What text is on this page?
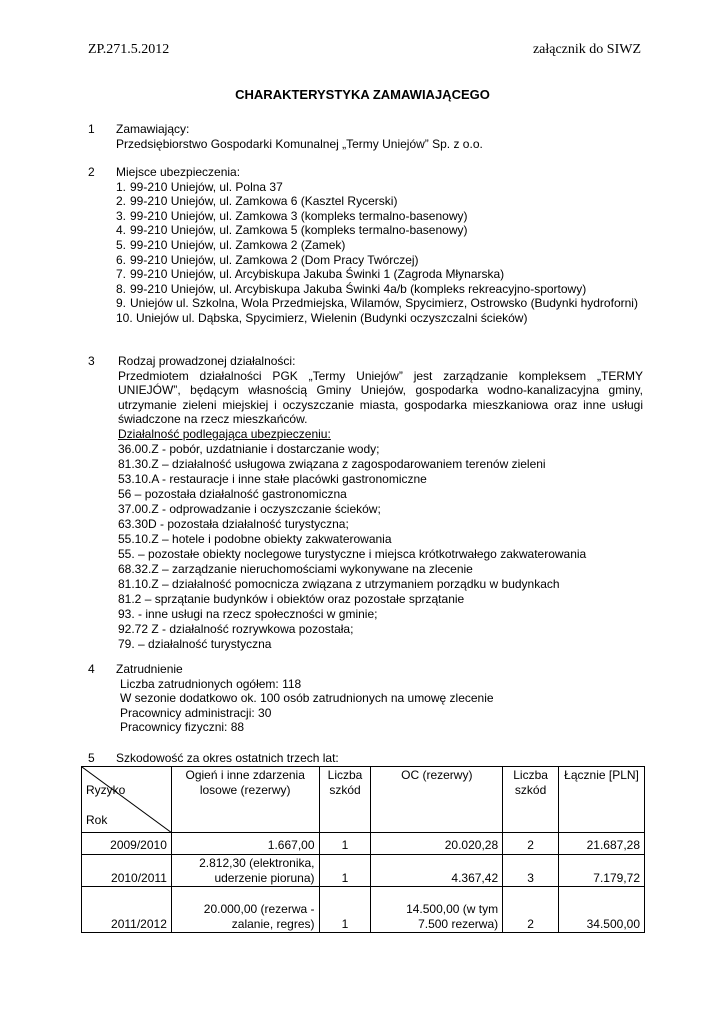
ZP.271.5.2012	załącznik do SIWZ
CHARAKTERYSTYKA ZAMAWIAJĄCEGO
1 Zamawiający:
Przedsiębiorstwo Gospodarki Komunalnej „Termy Uniejów” Sp. z o.o.
2 Miejsce ubezpieczenia:
1. 99-210 Uniejów, ul. Polna 37
2. 99-210 Uniejów, ul. Zamkowa 6 (Kasztel Rycerski)
3. 99-210 Uniejów, ul. Zamkowa 3 (kompleks termalno-basenowy)
4. 99-210 Uniejów, ul. Zamkowa 5 (kompleks termalno-basenowy)
5. 99-210 Uniejów, ul. Zamkowa 2 (Zamek)
6. 99-210 Uniejów, ul. Zamkowa 2 (Dom Pracy Twórczej)
7. 99-210 Uniejów, ul. Arcybiskupa Jakuba Świnki 1 (Zagroda Młynarska)
8. 99-210 Uniejów, ul. Arcybiskupa Jakuba Świnki 4a/b (kompleks rekreacyjno-sportowy)
9. Uniejów ul. Szkolna, Wola Przedmiejska, Wilamów, Spycimierz, Ostrowsko (Budynki hydrofornі)
10. Uniejów ul. Dąbska, Spycimierz, Wielenin (Budynki oczyszczalni ścieków)
3 Rodzaj prowadzonej działalności:
Przedmiotem działalności PGK „Termy Uniejów” jest zarządzanie kompleksem „TERMY UNIEJÓW”, będącym własnością Gminy Uniejów, gospodarka wodno-kanalizacyjna gminy, utrzymanie zieleni miejskiej i oczyszczanie miasta, gospodarka mieszkaniowa oraz inne usługi świadczone na rzecz mieszkańców.
Działalność podlegająca ubezpieczeniu:
36.00.Z - pobór, uzdatnianie i dostarczanie wody;
81.30.Z – działalność usługowa związana z zagospodarowaniem terenów zieleni
53.10.A - restauracje i inne stałe placówki gastronomiczne
56 – pozostała działalność gastronomiczna
37.00.Z - odprowadzanie i oczyszczanie ścieków;
63.30D - pozostała działalność turystyczna;
55.10.Z – hotele i podobne obiekty zakwaterowania
55. – pozostałe obiekty noclegowe turystyczne i miejsca krótkotrwałego zakwaterowania
68.32.Z – zarządzanie nieruchomościami wykonywane na zlecenie
81.10.Z – działalność pomocnicza związana z utrzymaniem porządku w budynkach
81.2 – sprzątanie budynków i obiektów oraz pozostałe sprzątanie
93. - inne usługi na rzecz społeczności w gminie;
92.72 Z - działalność rozrywkowa pozostała;
79. – działalność turystyczna
4 Zatrudnienie
Liczba zatrudnionych ogółem: 118
W sezonie dodatkowo ok. 100 osób zatrudnionych na umowę zlecenie
Pracownicy administracji: 30
Pracownicy fizyczni: 88
5 Szkodowość za okres ostatnich trzech lat:
Ryzyko
Rok	Ogień i inne zdarzenia losowe (rezerwy)	Liczba szkód	OC (rezerwy)	Liczba szkód	Łącznie [PLN]
2009/2010	1.667,00	1	20.020,28	2	21.687,28
2010/2011	2.812,30 (elektronika, uderzenie pioruna)	1	4.367,42	3	7.179,72
2011/2012	20.000,00 (rezerwa - zalanie, regres)	1	14.500,00 (w tym 7.500 rezerwa)	2	34.500,00
